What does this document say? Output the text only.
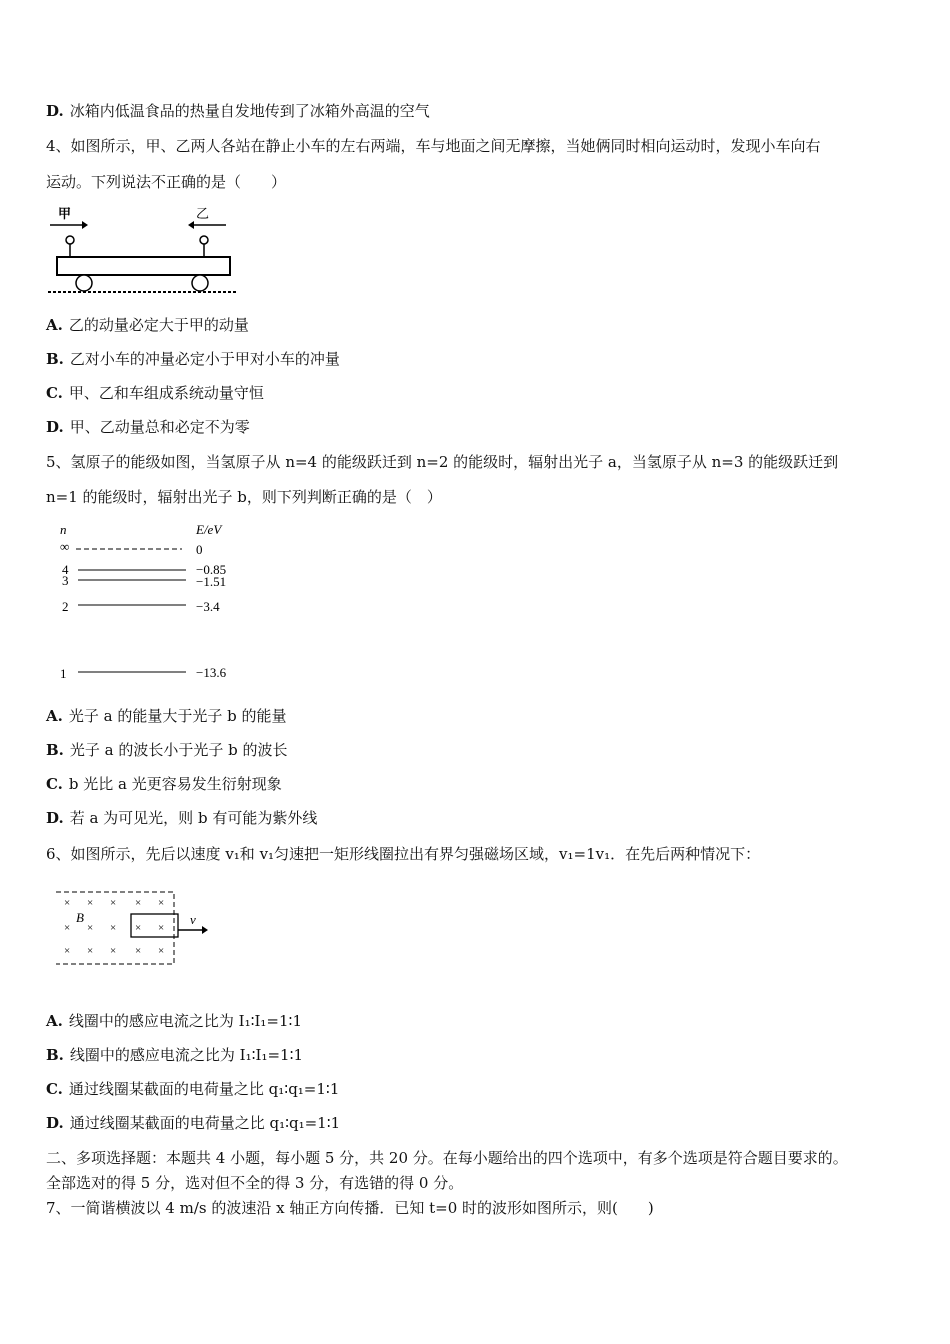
D. 冰箱内低温食品的热量自发地传到了冰箱外高温的空气
4、如图所示，甲、乙两人各站在静止小车的左右两端，车与地面之间无摩擦，当她俩同时相向运动时，发现小车向右
运动。下列说法不正确的是（　　）
甲	乙
A. 乙的动量必定大于甲的动量
B. 乙对小车的冲量必定小于甲对小车的冲量
C. 甲、乙和车组成系统动量守恒
D. 甲、乙动量总和必定不为零
5、氢原子的能级如图，当氢原子从 n=4 的能级跃迁到 n=2 的能级时，辐射出光子 a，当氢原子从 n=3 的能级跃迁到
n=1 的能级时，辐射出光子 b，则下列判断正确的是（　）
n	E/eV
∞	0
4	−0.85
3	−1.51
2	−3.4
1	−13.6
A. 光子 a 的能量大于光子 b 的能量
B. 光子 a 的波长小于光子 b 的波长
C. b 光比 a 光更容易发生衍射现象
D. 若 a 为可见光，则 b 有可能为紫外线
6、如图所示，先后以速度 v₁和 v₁匀速把一矩形线圈拉出有界匀强磁场区域，v₁=1v₁．在先后两种情况下：
× × × × ×
× × × × ×
× × × × ×
B	v
A. 线圈中的感应电流之比为 I₁∶I₁=1∶1
B. 线圈中的感应电流之比为 I₁∶I₁=1∶1
C. 通过线圈某截面的电荷量之比 q₁∶q₁=1∶1
D. 通过线圈某截面的电荷量之比 q₁∶q₁=1∶1
二、多项选择题：本题共 4 小题，每小题 5 分，共 20 分。在每小题给出的四个选项中，有多个选项是符合题目要求的。
全部选对的得 5 分，选对但不全的得 3 分，有选错的得 0 分。
7、一简谐横波以 4 m/s 的波速沿 x 轴正方向传播．已知 t=0 时的波形如图所示，则(　　)
